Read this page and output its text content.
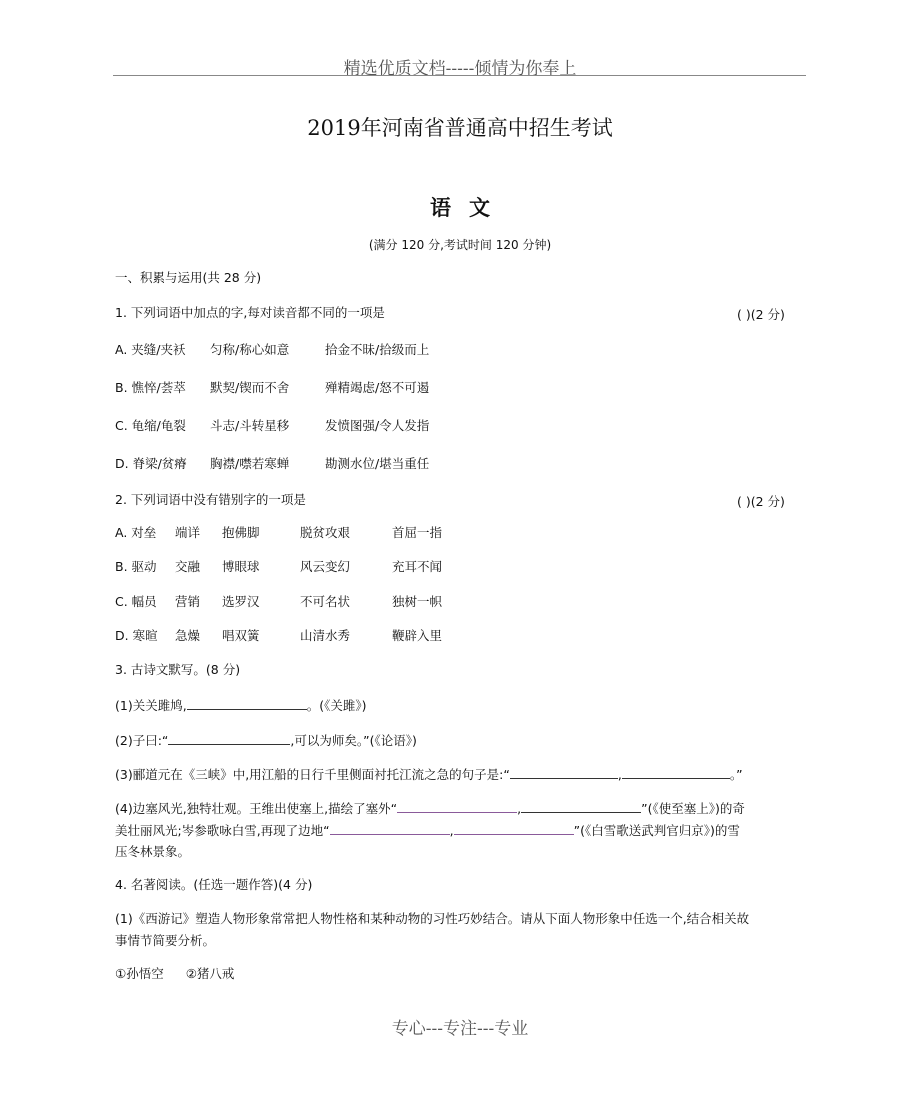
精选优质文档-----倾情为你奉上
2019年河南省普通高中招生考试
语文
(满分 120 分,考试时间 120 分钟)
一、积累与运用(共 28 分)
1. 下列词语中加点的字,每对读音都不同的一项是	( )(2 分)
A. 夹缝/夹袄 匀称/称心如意	拾金不昧/拾级而上
B. 憔悴/荟萃 默契/锲而不舍	殚精竭虑/怒不可遏
C. 龟缩/龟裂 斗志/斗转星移	发愤图强/令人发指
D. 脊梁/贫瘠 胸襟/噤若寒蝉	勘测水位/堪当重任
2. 下列词语中没有错别字的一项是	( )(2 分)
A. 对垒 端详 抱佛脚	脱贫攻艰	首屈一指
B. 驱动 交融 博眼球	风云变幻	充耳不闻
C. 幅员 营销 选罗汉	不可名状	独树一帜
D. 寒暄 急燥 唱双簧	山清水秀	鞭辟入里
3. 古诗文默写。(8 分)
(1)关关雎鸠,	。(《关雎》)
(2)子曰:“	,可以为师矣。”(《论语》)
(3)郦道元在《三峡》中,用江船的日行千里侧面衬托江流之急的句子是:“	,	。”
(4)边塞风光,独特壮观。王维出使塞上,描绘了塞外“	,	”(《使至塞上》)的奇
美壮丽风光;岑参歌咏白雪,再现了边地“	,	”(《白雪歌送武判官归京》)的雪
压冬林景象。
4. 名著阅读。(任选一题作答)(4 分)
(1)《西游记》塑造人物形象常常把人物性格和某种动物的习性巧妙结合。请从下面人物形象中任选一个,结合相关故
事情节简要分析。
①孙悟空 ②猪八戒
专心---专注---专业
